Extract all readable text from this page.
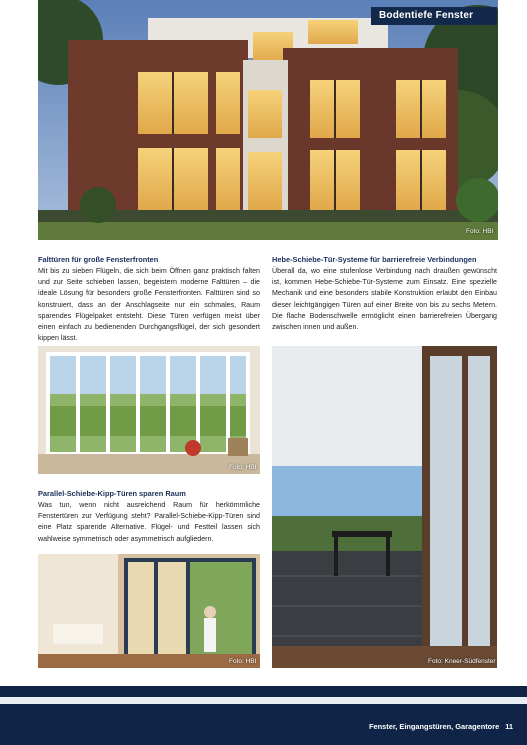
Bodentiefe Fenster
Foto: HBI
Falttüren für große Fensterfronten

Mit bis zu sieben Flügeln, die sich beim Öffnen ganz praktisch falten und zur Seite schieben lassen, begeistern moderne Falttüren – die ideale Lösung für besonders große Fensterfronten. Falttüren sind so konstruiert, dass an der Anschlagseite nur ein schmales, Raum sparendes Flügelpaket entsteht. Diese Türen verfügen meist über einen einfach zu bedienenden Durchgangsflügel, der sich gesondert kippen lässt.

Hebe-Schiebe-Tür-Systeme für barrierefreie Verbindungen

Überall da, wo eine stufenlose Verbindung nach draußen gewünscht ist, kommen Hebe-Schiebe-Tür-Systeme zum Einsatz. Eine spezielle Mechanik und eine besonders stabile Konstruktion erlaubt den Einbau dieser leichtgängigen Türen auf einer Breite von bis zu sechs Metern. Die flache Bodenschwelle ermöglicht einen barrierefreien Übergang zwischen innen und außen.

Foto: HBI
Parallel-Schiebe-Kipp-Türen sparen Raum

Was tun, wenn nicht ausreichend Raum für herkömmliche Fenstertüren zur Verfügung steht? Parallel-Schiebe-Kipp-Türen sind eine Platz sparende Alternative. Flügel- und Festteil lassen sich wahlweise symmetrisch oder asymmetrisch aufgliedern.

Foto: HBI	Foto: Kneer-Südfenster
Fenster, Eingangstüren, Garagentore 11
